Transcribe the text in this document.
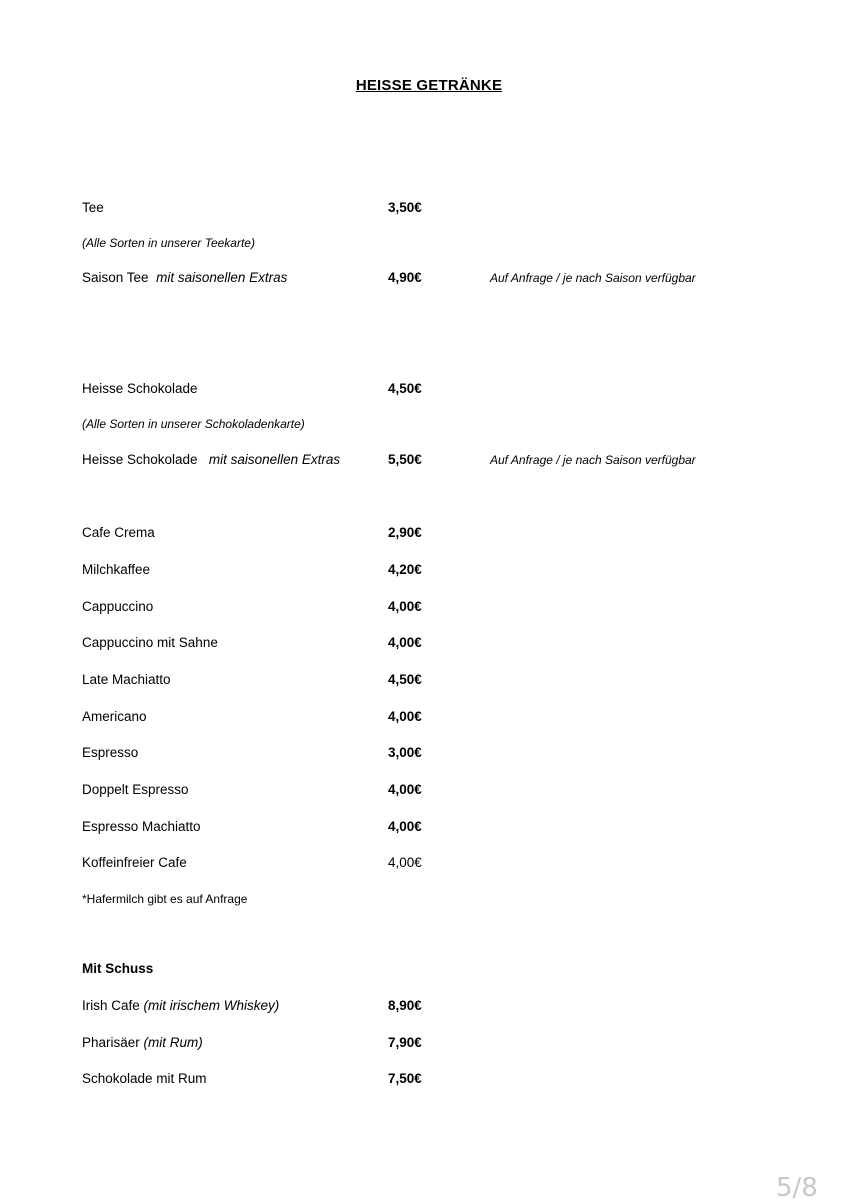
HEISSE GETRÄNKE
Tee	3,50€
(Alle Sorten in unserer Teekarte)
Saison Tee mit saisonellen Extras	4,90€	Auf Anfrage / je nach Saison verfügbar
Heisse Schokolade	4,50€
(Alle Sorten in unserer Schokoladenkarte)
Heisse Schokolade mit saisonellen Extras	5,50€	Auf Anfrage / je nach Saison verfügbar
Cafe Crema	2,90€
Milchkaffee	4,20€
Cappuccino	4,00€
Cappuccino mit Sahne	4,00€
Late Machiatto	4,50€
Americano	4,00€
Espresso	3,00€
Doppelt Espresso	4,00€
Espresso Machiatto	4,00€
Koffeinfreier Cafe	4,00€
*Hafermilch gibt es auf Anfrage
Mit Schuss
Irish Cafe (mit irischem Whiskey)	8,90€
Pharisäer (mit Rum)	7,90€
Schokolade mit Rum	7,50€
5/8
